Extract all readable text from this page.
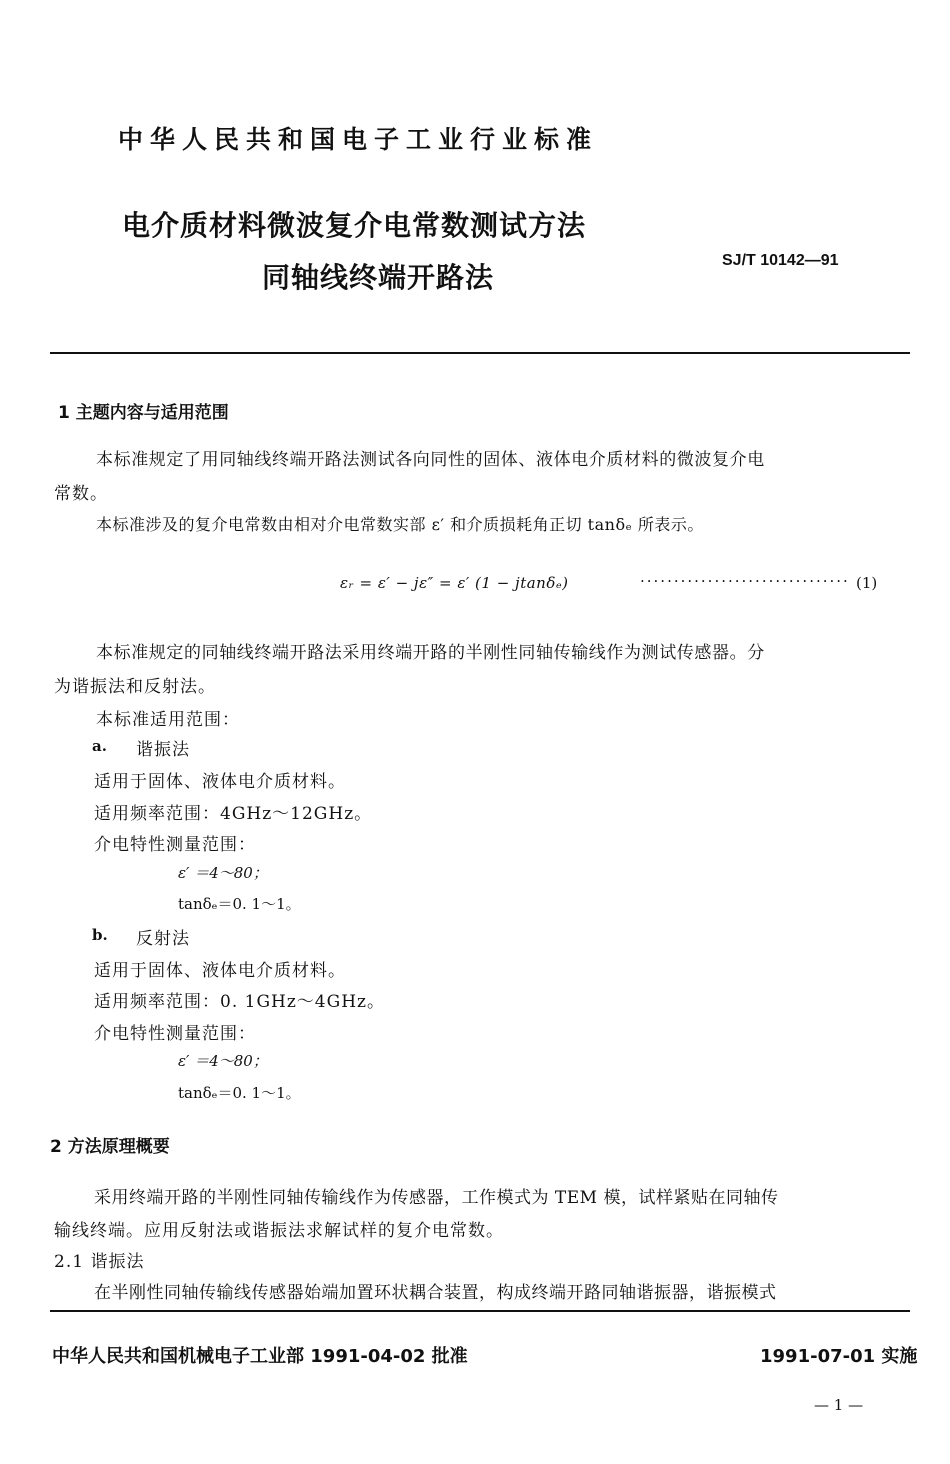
中华人民共和国电子工业行业标准
电介质材料微波复介电常数测试方法
同轴线终端开路法
SJ/T 10142—91
1 主题内容与适用范围
本标准规定了用同轴线终端开路法测试各向同性的固体、液体电介质材料的微波复介电
常数。
本标准涉及的复介电常数由相对介电常数实部 ε′ 和介质损耗角正切 tanδₑ 所表示。
εᵣ = ε′ − jε″ = ε′ (1 − jtanδₑ)	······························· (1)
本标准规定的同轴线终端开路法采用终端开路的半刚性同轴传输线作为测试传感器。分
为谐振法和反射法。
本标准适用范围：
a. 谐振法
适用于固体、液体电介质材料。
适用频率范围：4GHz～12GHz。
介电特性测量范围：
ε′ ＝4～80；
tanδₑ＝0. 1～1。
b. 反射法
适用于固体、液体电介质材料。
适用频率范围：0. 1GHz～4GHz。
介电特性测量范围：
ε′ ＝4～80；
tanδₑ＝0. 1～1。
2 方法原理概要
采用终端开路的半刚性同轴传输线作为传感器，工作模式为 TEM 模，试样紧贴在同轴传
输线终端。应用反射法或谐振法求解试样的复介电常数。
2.1 谐振法
在半刚性同轴传输线传感器始端加置环状耦合装置，构成终端开路同轴谐振器，谐振模式
中华人民共和国机械电子工业部 1991-04-02 批准	1991-07-01 实施
— 1 —
